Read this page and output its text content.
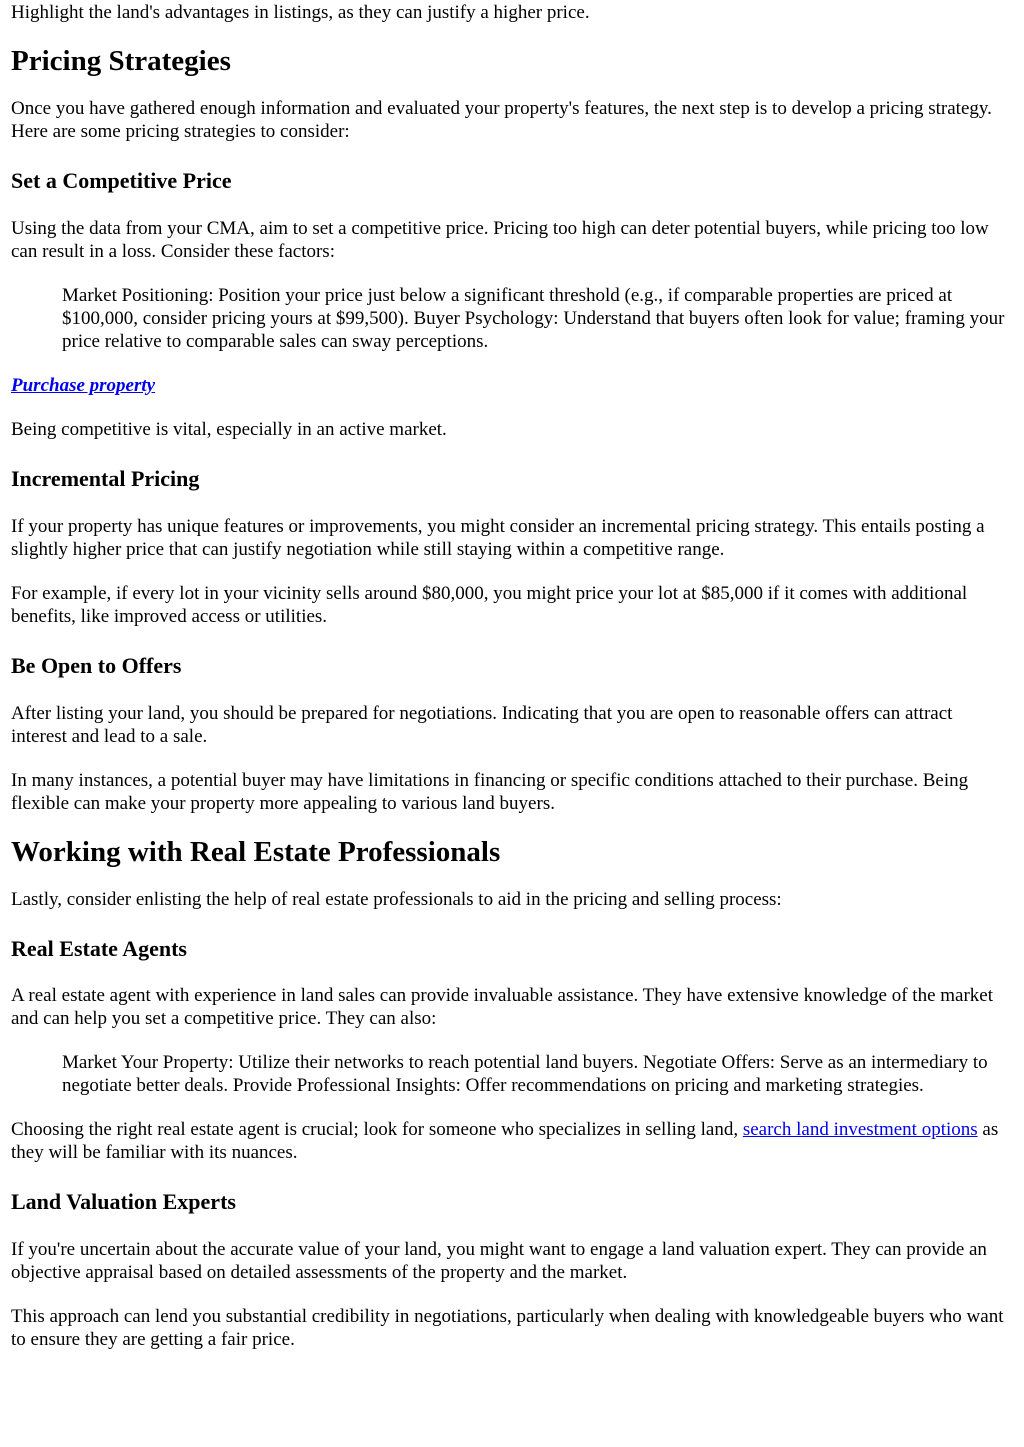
Highlight the land's advantages in listings, as they can justify a higher price.

Pricing Strategies

Once you have gathered enough information and evaluated your property's features, the next step is to develop a pricing strategy. Here are some pricing strategies to consider:

Set a Competitive Price

Using the data from your CMA, aim to set a competitive price. Pricing too high can deter potential buyers, while pricing too low can result in a loss. Consider these factors:

Market Positioning: Position your price just below a significant threshold (e.g., if comparable properties are priced at $100,000, consider pricing yours at $99,500). Buyer Psychology: Understand that buyers often look for value; framing your price relative to comparable sales can sway perceptions.

Purchase property

Being competitive is vital, especially in an active market.

Incremental Pricing

If your property has unique features or improvements, you might consider an incremental pricing strategy. This entails posting a slightly higher price that can justify negotiation while still staying within a competitive range.

For example, if every lot in your vicinity sells around $80,000, you might price your lot at $85,000 if it comes with additional benefits, like improved access or utilities.

Be Open to Offers

After listing your land, you should be prepared for negotiations. Indicating that you are open to reasonable offers can attract interest and lead to a sale.

In many instances, a potential buyer may have limitations in financing or specific conditions attached to their purchase. Being flexible can make your property more appealing to various land buyers.

Working with Real Estate Professionals

Lastly, consider enlisting the help of real estate professionals to aid in the pricing and selling process:

Real Estate Agents

A real estate agent with experience in land sales can provide invaluable assistance. They have extensive knowledge of the market and can help you set a competitive price. They can also:

Market Your Property: Utilize their networks to reach potential land buyers. Negotiate Offers: Serve as an intermediary to negotiate better deals. Provide Professional Insights: Offer recommendations on pricing and marketing strategies.

Choosing the right real estate agent is crucial; look for someone who specializes in selling land, search land investment options as they will be familiar with its nuances.

Land Valuation Experts

If you're uncertain about the accurate value of your land, you might want to engage a land valuation expert. They can provide an objective appraisal based on detailed assessments of the property and the market.

This approach can lend you substantial credibility in negotiations, particularly when dealing with knowledgeable buyers who want to ensure they are getting a fair price.
